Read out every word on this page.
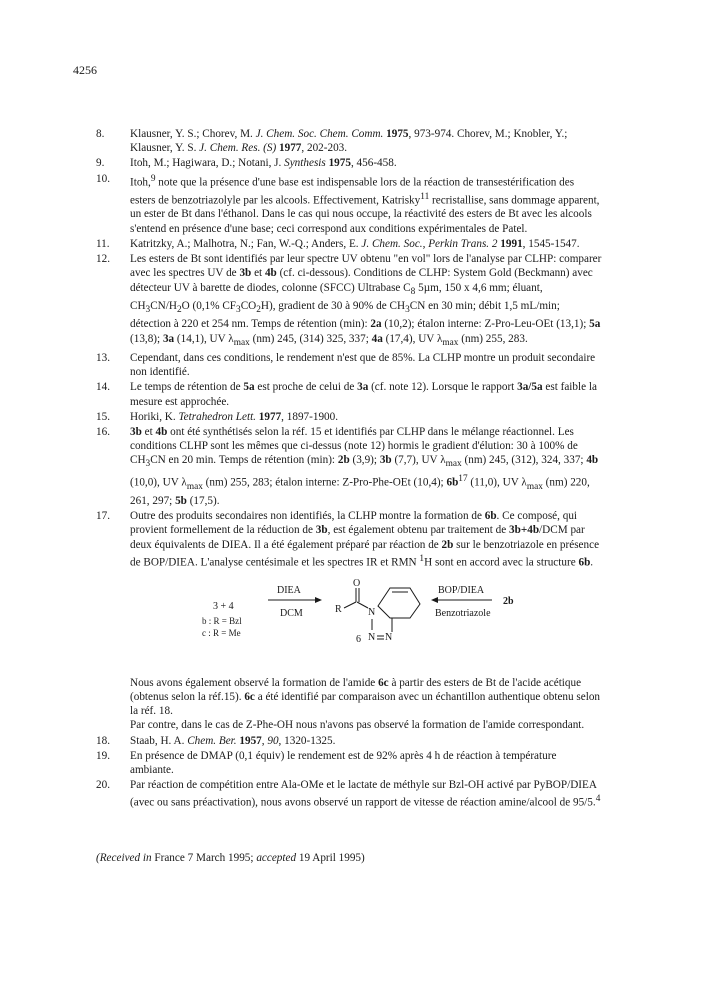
4256
8. Klausner, Y. S.; Chorev, M. J. Chem. Soc. Chem. Comm. 1975, 973-974. Chorev, M.; Knobler, Y.; Klausner, Y. S. J. Chem. Res. (S) 1977, 202-203.

9. Itoh, M.; Hagiwara, D.; Notani, J. Synthesis 1975, 456-458.

10. Itoh,$^9$ note que la présence d'une base est indispensable lors de la réaction de transestérification des esters de benzotriazolyle par les alcools. Effectivement, Katrisky$^{11}$ recristallise, sans dommage apparent, un ester de Bt dans l'éthanol. Dans le cas qui nous occupe, la réactivité des esters de Bt avec les alcools s'entend en présence d'une base; ceci correspond aux conditions expérimentales de Patel.

11. Katritzky, A.; Malhotra, N.; Fan, W.-Q.; Anders, E. J. Chem. Soc., Perkin Trans. 2 1991, 1545-1547.

12. Les esters de Bt sont identifiés par leur spectre UV obtenu "en vol" lors de l'analyse par CLHP: comparer avec les spectres UV de 3b et 4b (cf. ci-dessous). Conditions de CLHP: System Gold (Beckmann) avec détecteur UV à barette de diodes, colonne (SFCC) Ultrabase $C_8$ 5µm, 150 x 4,6 mm; éluant, $CH_3CN/H_2O$ (0,1% $CF_3CO_2H$), gradient de 30 à 90% de $CH_3CN$ en 30 min; débit 1,5 mL/min; détection à 220 et 254 nm. Temps de rétention (min): 2a (10,2); étalon interne: Z-Pro-Leu-OEt (13,1); 5a (13,8); 3a (14,1), UV $\lambda_{max}$ (nm) 245, (314) 325, 337; 4a (17,4), UV $\lambda_{max}$ (nm) 255, 283.

13. Cependant, dans ces conditions, le rendement n'est que de 85%. La CLHP montre un produit secondaire non identifié.

14. Le temps de rétention de 5a est proche de celui de 3a (cf. note 12). Lorsque le rapport 3a/5a est faible la mesure est approchée.

15. Horiki, K. Tetrahedron Lett. 1977, 1897-1900.

16. 3b et 4b ont été synthétisés selon la réf. 15 et identifiés par CLHP dans le mélange réactionnel. Les conditions CLHP sont les mêmes que ci-dessus (note 12) hormis le gradient d'élution: 30 à 100% de $CH_3CN$ en 20 min. Temps de rétention (min): 2b (3,9); 3b (7,7), UV $\lambda_{max}$ (nm) 245, (312), 324, 337; 4b (10,0), UV $\lambda_{max}$ (nm) 255, 283; étalon interne: Z-Pro-Phe-OEt (10,4); $6b^{17}$ (11,0), UV $\lambda_{max}$ (nm) 220, 261, 297; 5b (17,5).

17. Outre des produits secondaires non identifiés, la CLHP montre la formation de 6b. Ce composé, qui provient formellement de la réduction de 3b, est également obtenu par traitement de 3b+4b/DCM par deux équivalents de DIEA. Il a été également préparé par réaction de 2b sur le benzotriazole en présence de BOP/DIEA. L'analyse centésimale et les spectres IR et RMN $^1$H sont en accord avec la structure 6b.

3 + 4
b : R = Bzl
c : R = Me
DIEA
DCM	R
O
N
N N
6
BOP/DIEA
Benzotriazole
2b

Nous avons également observé la formation de l'amide 6c à partir des esters de Bt de l'acide acétique (obtenus selon la réf.15). 6c a été identifié par comparaison avec un échantillon authentique obtenu selon la réf. 18.

Par contre, dans le cas de Z-Phe-OH nous n'avons pas observé la formation de l'amide correspondant.

18. Staab, H. A. Chem. Ber. 1957, 90, 1320-1325.

19. En présence de DMAP (0,1 équiv) le rendement est de 92% après 4 h de réaction à température ambiante.

20. Par réaction de compétition entre Ala-OMe et le lactate de méthyle sur Bzl-OH activé par PyBOP/DIEA (avec ou sans préactivation), nous avons observé un rapport de vitesse de réaction amine/alcool de 95/5.$^4$

(Received in France 7 March 1995; accepted 19 April 1995)
